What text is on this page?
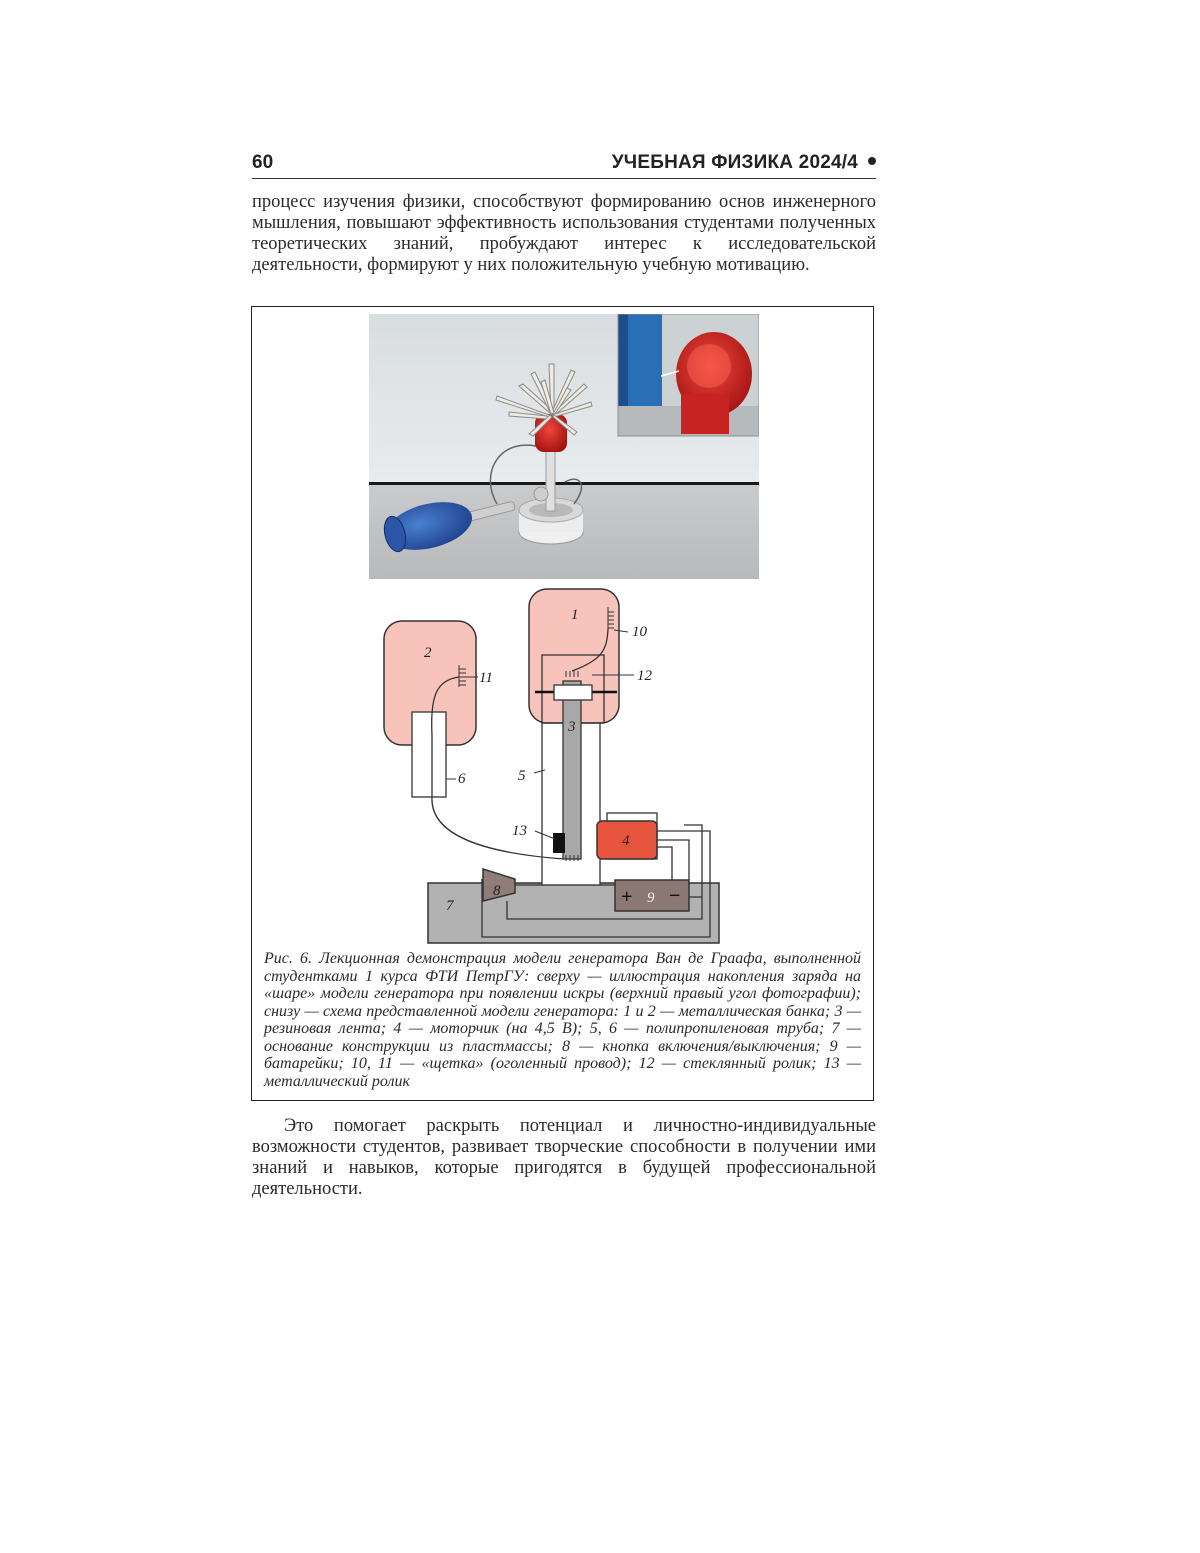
60	УЧЕБНАЯ ФИЗИКА 2024/4
процесс изучения физики, способствуют формированию основ инженерного мышления, повышают эффективность использования студентами полученных теоретических знаний, пробуждают интерес к исследовательской деятельности, формируют у них положительную учебную мотивацию.
1
2
3
4
5
6
7
8	9
10
11	12
13
+ −
Рис. 6. Лекционная демонстрация модели генератора Ван де Граафа, выполненной студентками 1 курса ФТИ ПетрГУ: сверху — иллюстрация накопления заряда на «шаре» модели генератора при появлении искры (верхний правый угол фотографии); снизу — схема представленной модели генератора: 1 и 2 — металлическая банка; 3 — резиновая лента; 4 — моторчик (на 4,5 В); 5, 6 — полипропиленовая труба; 7 — основание конструкции из пластмассы; 8 — кнопка включения/выключения; 9 — батарейки; 10, 11 — «щетка» (оголенный провод); 12 — стеклянный ролик; 13 — металлический ролик
Это помогает раскрыть потенциал и личностно-индивидуальные возможности студентов, развивает творческие способности в получении ими знаний и навыков, которые пригодятся в будущей профессиональной деятельности.
